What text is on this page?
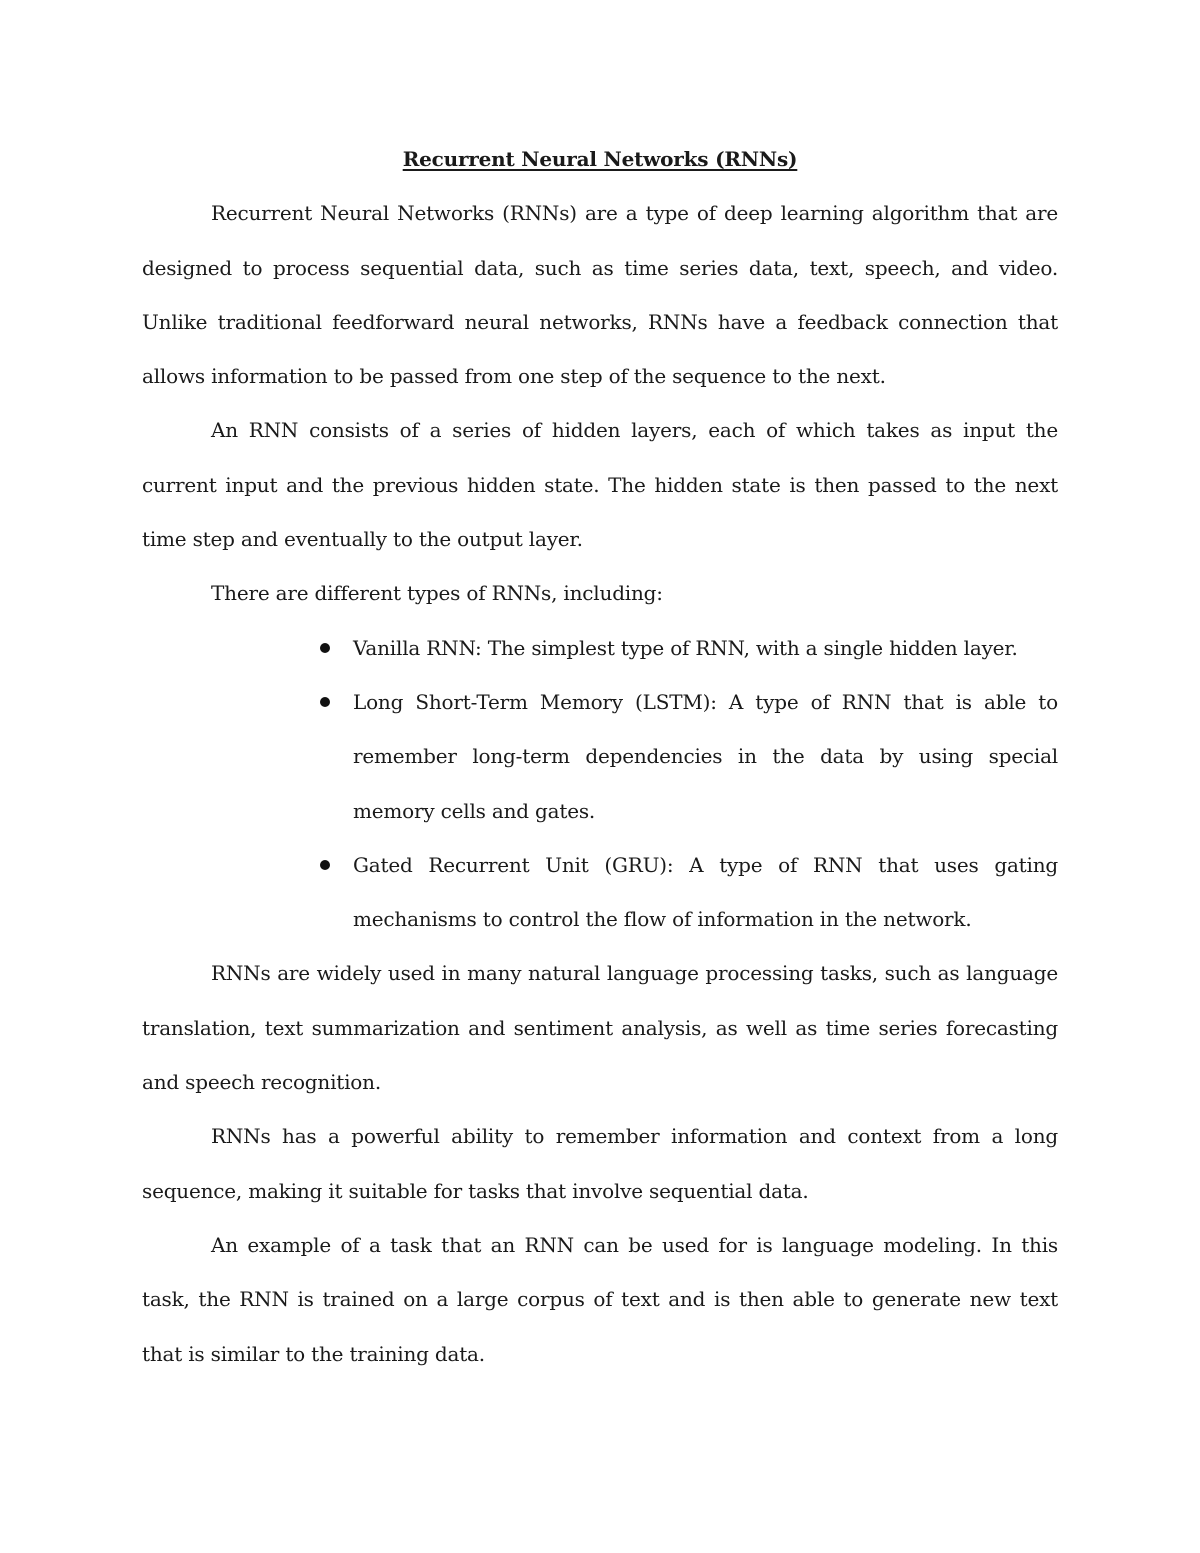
Recurrent Neural Networks (RNNs)

Recurrent Neural Networks (RNNs) are a type of deep learning algorithm that are designed to process sequential data, such as time series data, text, speech, and video. Unlike traditional feedforward neural networks, RNNs have a feedback connection that allows information to be passed from one step of the sequence to the next.

An RNN consists of a series of hidden layers, each of which takes as input the current input and the previous hidden state. The hidden state is then passed to the next time step and eventually to the output layer.

There are different types of RNNs, including:

Vanilla RNN: The simplest type of RNN, with a single hidden layer.
Long Short-Term Memory (LSTM): A type of RNN that is able to remember long-term dependencies in the data by using special memory cells and gates.
Gated Recurrent Unit (GRU): A type of RNN that uses gating mechanisms to control the flow of information in the network.

RNNs are widely used in many natural language processing tasks, such as language translation, text summarization and sentiment analysis, as well as time series forecasting and speech recognition.

RNNs has a powerful ability to remember information and context from a long sequence, making it suitable for tasks that involve sequential data.

An example of a task that an RNN can be used for is language modeling. In this task, the RNN is trained on a large corpus of text and is then able to generate new text that is similar to the training data.
